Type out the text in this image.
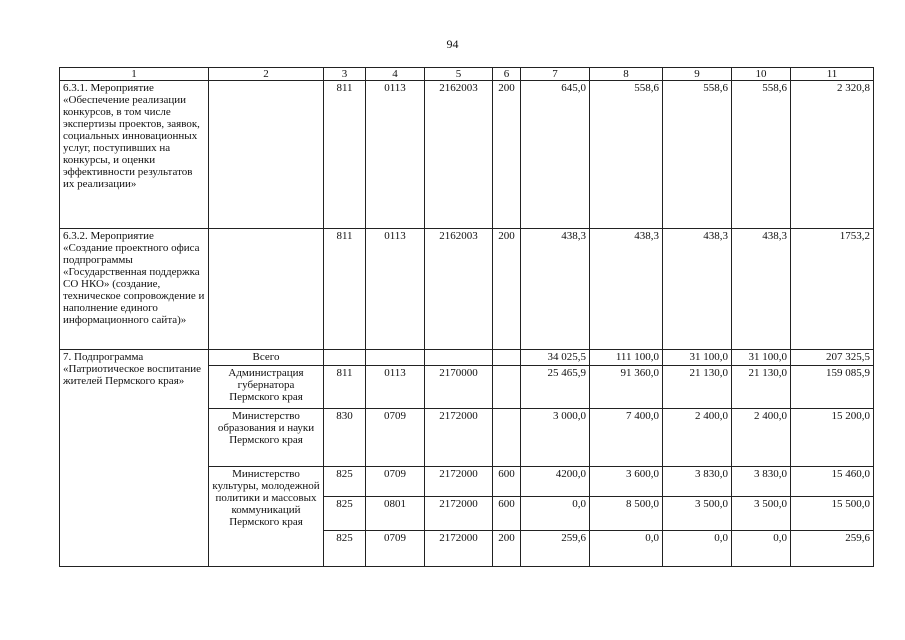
94
1	2	3	4	5	6	7	8	9	10	11
6.3.1. Мероприятие «Обеспечение реализации конкурсов, в том числе экспертизы проектов, заявок, социальных инновационных услуг, поступивших на конкурсы, и оценки эффективности результатов их реализации»		811	0113	2162003	200	645,0	558,6	558,6	558,6	2 320,8
6.3.2. Мероприятие «Создание проектного офиса подпрограммы «Государственная поддержка СО НКО» (создание, техническое сопровождение и наполнение единого информационного сайта)»		811	0113	2162003	200	438,3	438,3	438,3	438,3	1753,2
7. Подпрограмма «Патриотическое воспитание жителей Пермского края»	Всего					34 025,5	111 100,0	31 100,0	31 100,0	207 325,5
	Администрация губернатора Пермского края	811	0113	2170000		25 465,9	91 360,0	21 130,0	21 130,0	159 085,9
	Министерство образования и науки Пермского края	830	0709	2172000		3 000,0	7 400,0	2 400,0	2 400,0	15 200,0
	Министерство культуры, молодежной политики и массовых коммуникаций Пермского края	825	0709	2172000	600	4200,0	3 600,0	3 830,0	3 830,0	15 460,0
		825	0801	2172000	600	0,0	8 500,0	3 500,0	3 500,0	15 500,0
		825	0709	2172000	200	259,6	0,0	0,0	0,0	259,6
